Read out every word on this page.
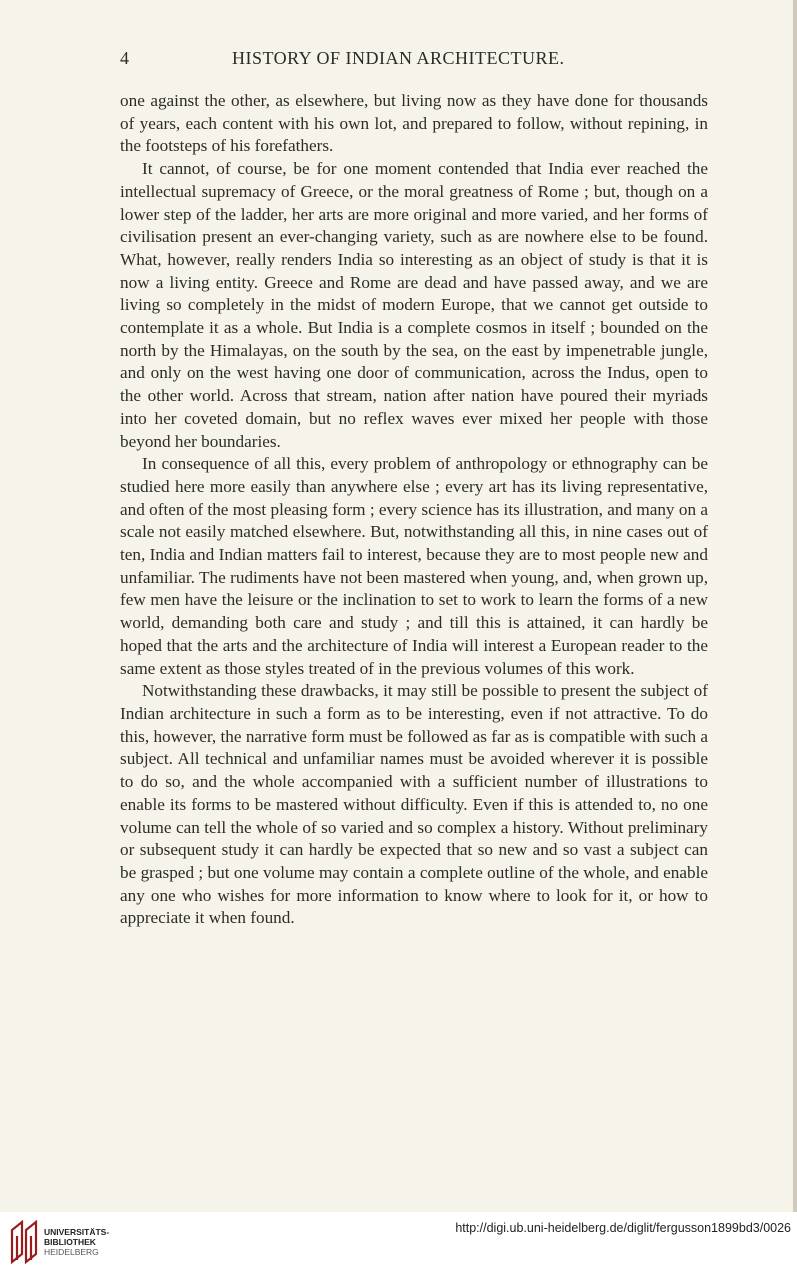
4	HISTORY OF INDIAN ARCHITECTURE.

one against the other, as elsewhere, but living now as they have done for thousands of years, each content with his own lot, and prepared to follow, without repining, in the footsteps of his forefathers.

It cannot, of course, be for one moment contended that India ever reached the intellectual supremacy of Greece, or the moral greatness of Rome ; but, though on a lower step of the ladder, her arts are more original and more varied, and her forms of civilisation present an ever-changing variety, such as are nowhere else to be found. What, however, really renders India so interesting as an object of study is that it is now a living entity. Greece and Rome are dead and have passed away, and we are living so completely in the midst of modern Europe, that we cannot get outside to contemplate it as a whole. But India is a complete cosmos in itself ; bounded on the north by the Himalayas, on the south by the sea, on the east by impenetrable jungle, and only on the west having one door of communication, across the Indus, open to the other world. Across that stream, nation after nation have poured their myriads into her coveted domain, but no reflex waves ever mixed her people with those beyond her boundaries.

In consequence of all this, every problem of anthropology or ethnography can be studied here more easily than anywhere else ; every art has its living representative, and often of the most pleasing form ; every science has its illustration, and many on a scale not easily matched elsewhere. But, notwithstanding all this, in nine cases out of ten, India and Indian matters fail to interest, because they are to most people new and unfamiliar. The rudiments have not been mastered when young, and, when grown up, few men have the leisure or the inclination to set to work to learn the forms of a new world, demanding both care and study ; and till this is attained, it can hardly be hoped that the arts and the architecture of India will interest a European reader to the same extent as those styles treated of in the previous volumes of this work.

Notwithstanding these drawbacks, it may still be possible to present the subject of Indian architecture in such a form as to be interesting, even if not attractive. To do this, however, the narrative form must be followed as far as is compatible with such a subject. All technical and unfamiliar names must be avoided wherever it is possible to do so, and the whole accompanied with a sufficient number of illustrations to enable its forms to be mastered without difficulty. Even if this is attended to, no one volume can tell the whole of so varied and so complex a history. Without preliminary or subsequent study it can hardly be expected that so new and so vast a subject can be grasped ; but one volume may contain a complete outline of the whole, and enable any one who wishes for more information to know where to look for it, or how to appreciate it when found.

UNIVERSITÄTS-
BIBLIOTHEK
HEIDELBERG
http://digi.ub.uni-heidelberg.de/diglit/fergusson1899bd3/0026
